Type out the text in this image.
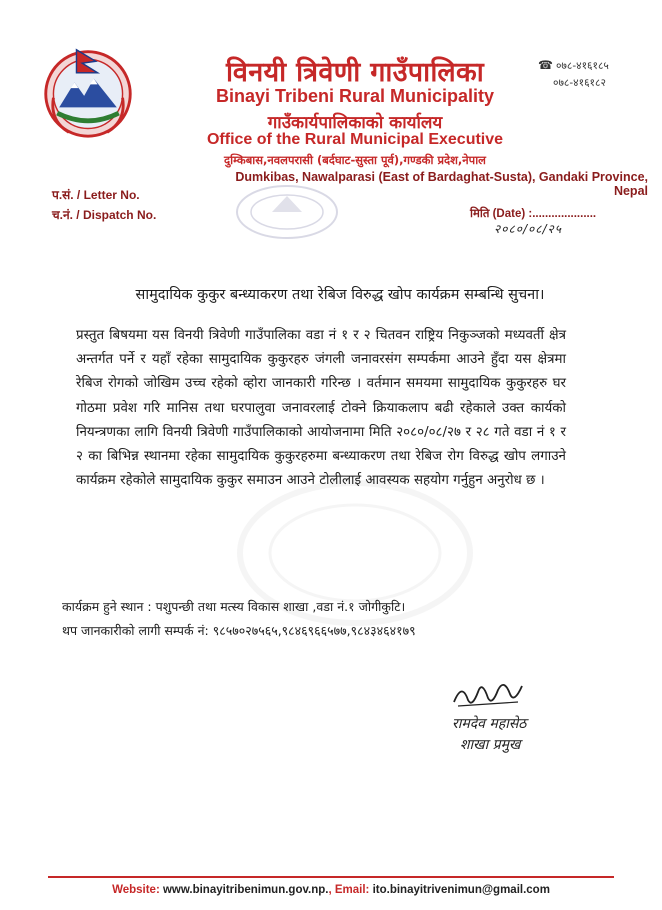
विनयी त्रिवेणी गाउँपालिका
Binayi Tribeni Rural Municipality
गाउँकार्यपालिकाको कार्यालय
Office of the Rural Municipal Executive
दुम्किबास,नवलपरासी (बर्दघाट-सुस्ता पूर्व),गण्डकी प्रदेश,नेपाल
Dumkibas, Nawalparasi (East of Bardaghat-Susta), Gandaki Province, Nepal
☎ ०७८-४१६१८५
०७८-४१६१८२
प.सं. / Letter No.
च.नं. / Dispatch No.	मिति (Date) :....................
२०८०/०८/२५
सामुदायिक कुकुर बन्ध्याकरण तथा रेबिज विरुद्ध खोप कार्यक्रम सम्बन्धि सुचना।
प्रस्तुत बिषयमा यस विनयी त्रिवेणी गाउँपालिका वडा नं १ र २ चितवन राष्ट्रिय निकुञ्जको मध्यवर्ती क्षेत्र अन्तर्गत पर्ने र यहाँ रहेका सामुदायिक कुकुरहरु जंगली जनावरसंग सम्पर्कमा आउने हुँदा यस क्षेत्रमा रेबिज रोगको जोखिम उच्च रहेको व्होरा जानकारी गरिन्छ । वर्तमान समयमा सामुदायिक कुकुरहरु घर गोठमा प्रवेश गरि मानिस तथा घरपालुवा जनावरलाई टोक्ने क्रियाकलाप बढी रहेकाले उक्त कार्यको नियन्त्रणका लागि विनयी त्रिवेणी गाउँपालिकाको आयोजनामा मिति २०८०/०८/२७ र २८ गते वडा नं १ र २ का बिभिन्न स्थानमा रहेका सामुदायिक कुकुरहरुमा बन्ध्याकरण तथा रेबिज रोग विरुद्ध खोप लगाउने कार्यक्रम रहेकोले सामुदायिक कुकुर समाउन आउने टोलीलाई आवस्यक सहयोग गर्नुहुन अनुरोध छ ।
कार्यक्रम हुने स्थान : पशुपन्छी तथा मत्स्य विकास शाखा ,वडा नं.१ जोगीकुटि।
थप जानकारीको लागी सम्पर्क नं: ९८५७०२७५६५,९८४६९६६५७७,९८४३४६४१७९
रामदेव महासेठ
शाखा प्रमुख
Website: www.binayitribenimun.gov.np., Email: ito.binayitrivenimun@gmail.com
